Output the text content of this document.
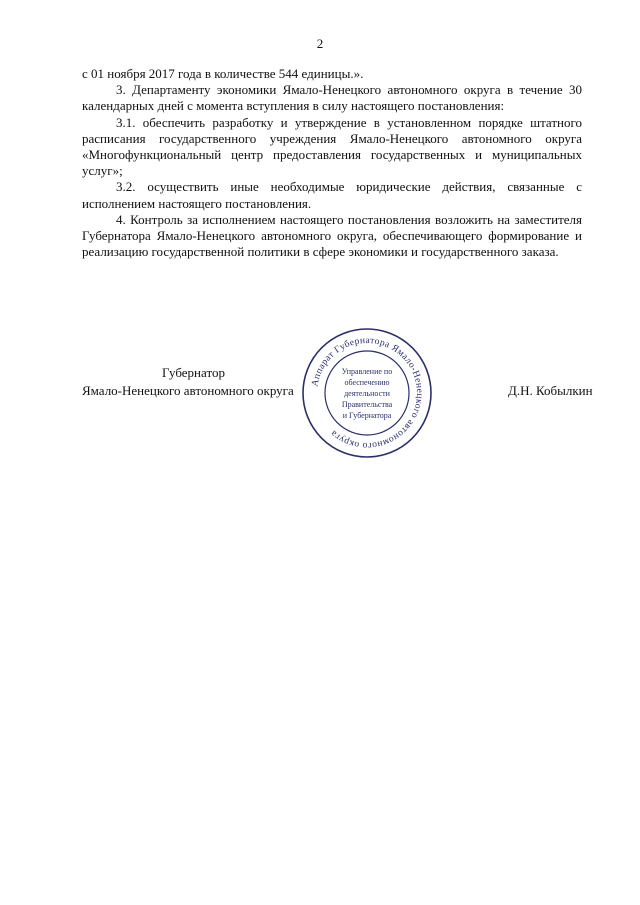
2

с 01 ноября 2017 года в количестве 544 единицы.».

3. Департаменту экономики Ямало-Ненецкого автономного округа в течение 30 календарных дней с момента вступления в силу настоящего постановления:

3.1. обеспечить разработку и утверждение в установленном порядке штатного расписания государственного учреждения Ямало-Ненецкого автономного округа «Многофункциональный центр предоставления государственных и муниципальных услуг»;

3.2. осуществить иные необходимые юридические действия, связанные с исполнением настоящего постановления.

4. Контроль за исполнением настоящего постановления возложить на заместителя Губернатора Ямало-Ненецкого автономного округа, обеспечивающего формирование и реализацию государственной политики в сфере экономики и государственного заказа.

Губернатор
Ямало-Ненецкого автономного округа	Д.Н. Кобылкин
Аппарат Губернатора Ямало-Ненецкого автономного округа
Управление по
обеспечению
деятельности
Правительства
и Губернатора
